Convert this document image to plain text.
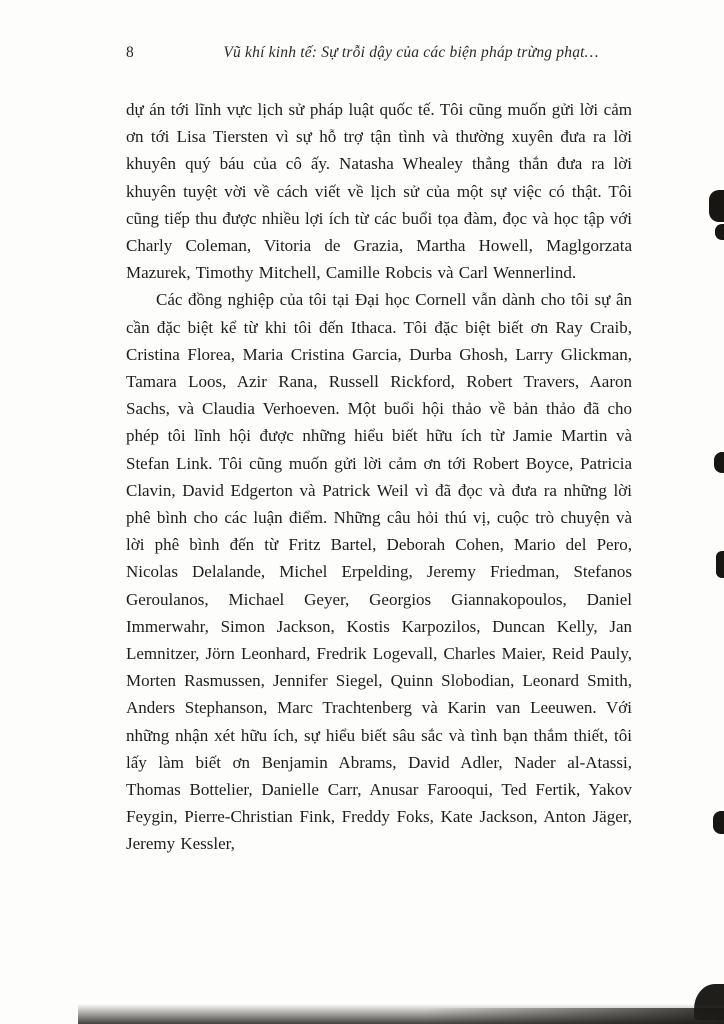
8	Vũ khí kinh tế: Sự trỗi dậy của các biện pháp trừng phạt…

dự án tới lĩnh vực lịch sử pháp luật quốc tế. Tôi cũng muốn gửi lời cảm ơn tới Lisa Tiersten vì sự hỗ trợ tận tình và thường xuyên đưa ra lời khuyên quý báu của cô ấy. Natasha Whealey thẳng thắn đưa ra lời khuyên tuyệt vời về cách viết về lịch sử của một sự việc có thật. Tôi cũng tiếp thu được nhiều lợi ích từ các buổi tọa đàm, đọc và học tập với Charly Coleman, Vitoria de Grazia, Martha Howell, Maglgorzata Mazurek, Timothy Mitchell, Camille Robcis và Carl Wennerlind.

Các đồng nghiệp của tôi tại Đại học Cornell vẫn dành cho tôi sự ân cần đặc biệt kể từ khi tôi đến Ithaca. Tôi đặc biệt biết ơn Ray Craib, Cristina Florea, Maria Cristina Garcia, Durba Ghosh, Larry Glickman, Tamara Loos, Azir Rana, Russell Rickford, Robert Travers, Aaron Sachs, và Claudia Verhoeven. Một buổi hội thảo về bản thảo đã cho phép tôi lĩnh hội được những hiểu biết hữu ích từ Jamie Martin và Stefan Link. Tôi cũng muốn gửi lời cảm ơn tới Robert Boyce, Patricia Clavin, David Edgerton và Patrick Weil vì đã đọc và đưa ra những lời phê bình cho các luận điểm. Những câu hỏi thú vị, cuộc trò chuyện và lời phê bình đến từ Fritz Bartel, Deborah Cohen, Mario del Pero, Nicolas Delalande, Michel Erpelding, Jeremy Friedman, Stefanos Geroulanos, Michael Geyer, Georgios Giannakopoulos, Daniel Immerwahr, Simon Jackson, Kostis Karpozilos, Duncan Kelly, Jan Lemnitzer, Jörn Leonhard, Fredrik Logevall, Charles Maier, Reid Pauly, Morten Rasmussen, Jennifer Siegel, Quinn Slobodian, Leonard Smith, Anders Stephanson, Marc Trachtenberg và Karin van Leeuwen. Với những nhận xét hữu ích, sự hiểu biết sâu sắc và tình bạn thắm thiết, tôi lấy làm biết ơn Benjamin Abrams, David Adler, Nader al-Atassi, Thomas Bottelier, Danielle Carr, Anusar Farooqui, Ted Fertik, Yakov Feygin, Pierre-Christian Fink, Freddy Foks, Kate Jackson, Anton Jäger, Jeremy Kessler,
